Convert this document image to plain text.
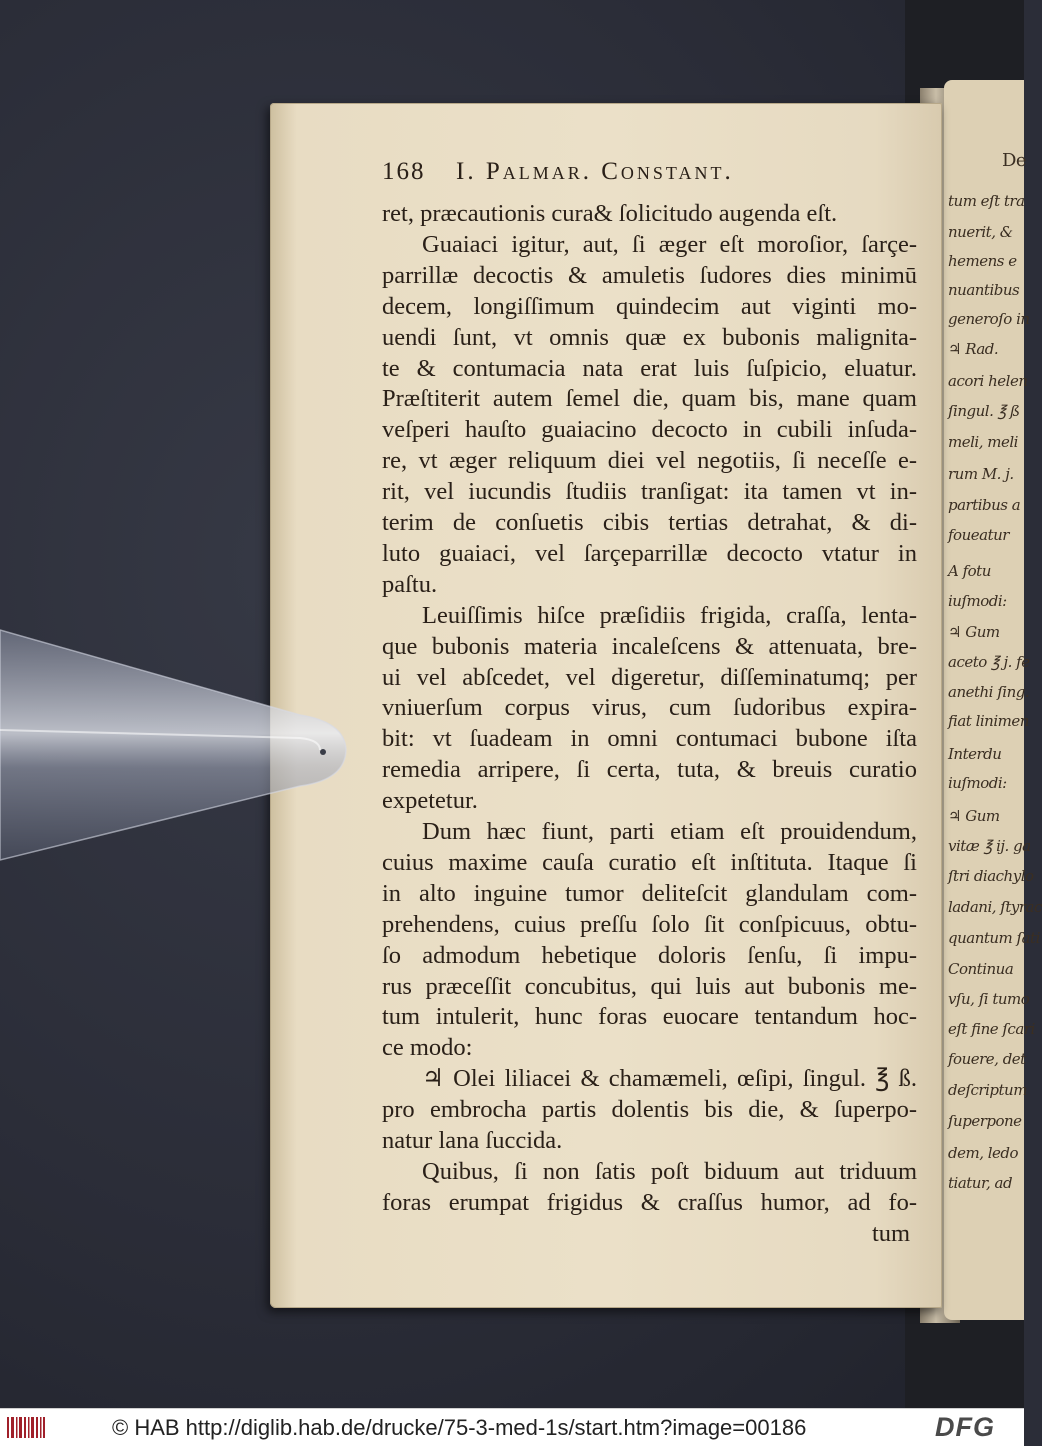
De
tum eſt tra
nuerit, &
hemens e
nuantibus
generoſo in
♃ Rad.
acori helen
ſingul. ℥ ß
meli, meli
rum M. j.
partibus a
foueatur
A fotu
iuſmodi:
♃ Gum
aceto ℥ j. fe
anethi ſing.
fiat linimen
Interdu
iuſmodi:
♃ Gum
vitæ ℥ ij. ga
ſtri diachylo
ladani, ſtyrac
quantum ſati
Continua
vſu, ſi tumo
eſt fine ſcari
fouere, det
deſcriptum
ſuperpone
dem, ledo
tiatur, ad
168 I. Palmar. Constant.
ret, præcautionis cura& ſolicitudo augenda eſt.
Guaiaci igitur, aut, ſi æger eſt moroſior, ſarçe-
parrillæ decoctis & amuletis ſudores dies minimū
decem, longiſſimum quindecim aut viginti mo-
uendi ſunt, vt omnis quæ ex bubonis malignita-
te & contumacia nata erat luis ſuſpicio, eluatur.
Præſtiterit autem ſemel die, quam bis, mane quam
veſperi hauſto guaiacino decocto in cubili inſuda-
re, vt æger reliquum diei vel negotiis, ſi neceſſe e-
rit, vel iucundis ſtudiis tranſigat: ita tamen vt in-
terim de conſuetis cibis tertias detrahat, & di-
luto guaiaci, vel ſarçeparrillæ decocto vtatur in
paſtu.
Leuiſſimis hiſce præſidiis frigida, craſſa, lenta-
que bubonis materia incaleſcens & attenuata, bre-
ui vel abſcedet, vel digeretur, diſſeminatumq; per
vniuerſum corpus virus, cum ſudoribus expira-
bit: vt ſuadeam in omni contumaci bubone iſta
remedia arripere, ſi certa, tuta, & breuis curatio
expetetur.
Dum hæc fiunt, parti etiam eſt prouidendum,
cuius maxime cauſa curatio eſt inſtituta. Itaque ſi
in alto inguine tumor deliteſcit glandulam com-
prehendens, cuius preſſu ſolo ſit conſpicuus, obtu-
ſo admodum hebetique doloris ſenſu, ſi impu-
rus præceſſit concubitus, qui luis aut bubonis me-
tum intulerit, hunc foras euocare tentandum hoc-
ce modo:
♃ Olei liliacei & chamæmeli, œſipi, ſingul. ℥ ß.
pro embrocha partis dolentis bis die, & ſuperpo-
natur lana ſuccida.
Quibus, ſi non ſatis poſt biduum aut triduum
foras erumpat frigidus & craſſus humor, ad fo-
tum
© HAB http://diglib.hab.de/drucke/75-3-med-1s/start.htm?image=00186	DFG
